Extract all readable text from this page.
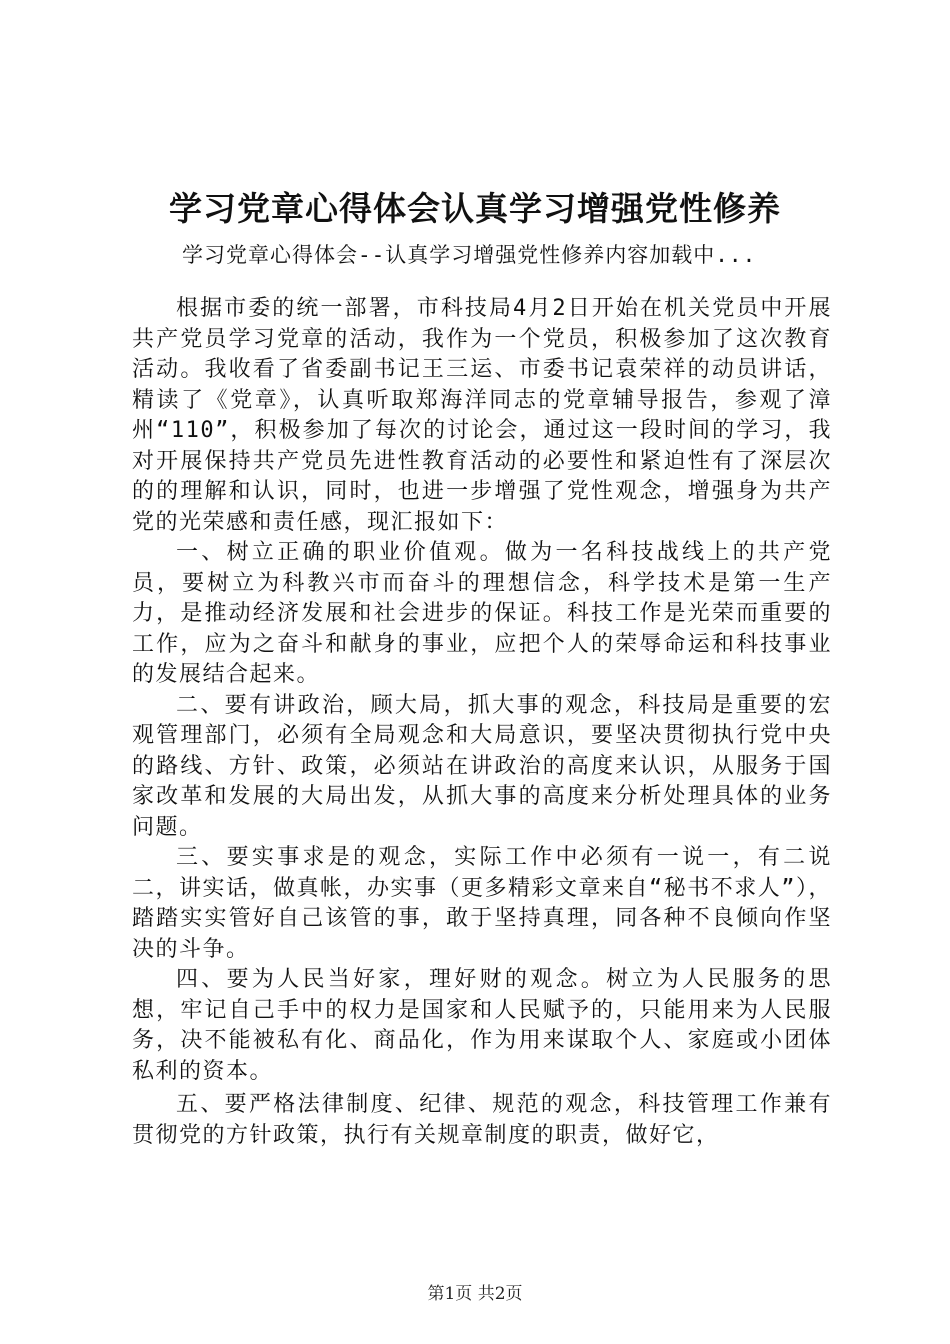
学习党章心得体会认真学习增强党性修养
学习党章心得体会--认真学习增强党性修养内容加载中...

根据市委的统一部署，市科技局4月2日开始在机关党员中开展共产党员学习党章的活动，我作为一个党员，积极参加了这次教育活动。我收看了省委副书记王三运、市委书记袁荣祥的动员讲话，精读了《党章》，认真听取郑海洋同志的党章辅导报告，参观了漳州“110”，积极参加了每次的讨论会，通过这一段时间的学习，我对开展保持共产党员先进性教育活动的必要性和紧迫性有了深层次的的理解和认识，同时，也进一步增强了党性观念，增强身为共产党的光荣感和责任感，现汇报如下：

一、树立正确的职业价值观。做为一名科技战线上的共产党员，要树立为科教兴市而奋斗的理想信念，科学技术是第一生产力，是推动经济发展和社会进步的保证。科技工作是光荣而重要的工作，应为之奋斗和献身的事业，应把个人的荣辱命运和科技事业的发展结合起来。

二、要有讲政治，顾大局，抓大事的观念，科技局是重要的宏观管理部门，必须有全局观念和大局意识，要坚决贯彻执行党中央的路线、方针、政策，必须站在讲政治的高度来认识，从服务于国家改革和发展的大局出发，从抓大事的高度来分析处理具体的业务问题。

三、要实事求是的观念，实际工作中必须有一说一，有二说二，讲实话，做真帐，办实事（更多精彩文章来自“秘书不求人”），踏踏实实管好自己该管的事，敢于坚持真理，同各种不良倾向作坚决的斗争。

四、要为人民当好家，理好财的观念。树立为人民服务的思想，牢记自己手中的权力是国家和人民赋予的，只能用来为人民服务，决不能被私有化、商品化，作为用来谋取个人、家庭或小团体私利的资本。

五、要严格法律制度、纪律、规范的观念，科技管理工作兼有贯彻党的方针政策，执行有关规章制度的职责，做好它，

第1页 共2页
